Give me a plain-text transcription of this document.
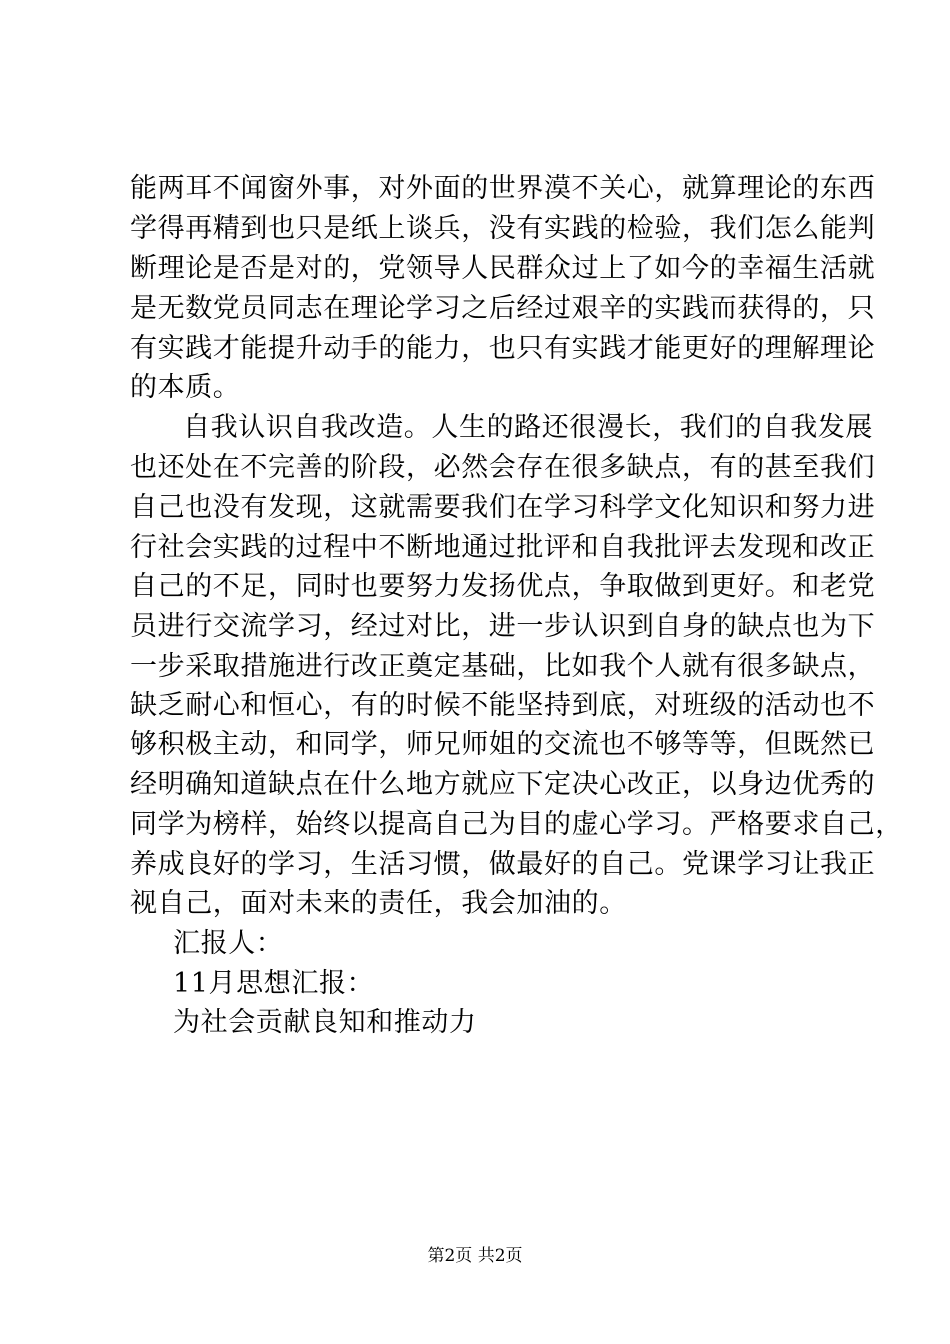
能两耳不闻窗外事，对外面的世界漠不关心，就算理论的东西
学得再精到也只是纸上谈兵，没有实践的检验，我们怎么能判
断理论是否是对的，党领导人民群众过上了如今的幸福生活就
是无数党员同志在理论学习之后经过艰辛的实践而获得的，只
有实践才能提升动手的能力，也只有实践才能更好的理解理论
的本质。
自我认识自我改造。人生的路还很漫长，我们的自我发展
也还处在不完善的阶段，必然会存在很多缺点，有的甚至我们
自己也没有发现，这就需要我们在学习科学文化知识和努力进
行社会实践的过程中不断地通过批评和自我批评去发现和改正
自己的不足，同时也要努力发扬优点，争取做到更好。和老党
员进行交流学习，经过对比，进一步认识到自身的缺点也为下
一步采取措施进行改正奠定基础，比如我个人就有很多缺点，
缺乏耐心和恒心，有的时候不能坚持到底，对班级的活动也不
够积极主动，和同学，师兄师姐的交流也不够等等，但既然已
经明确知道缺点在什么地方就应下定决心改正，以身边优秀的
同学为榜样，始终以提高自己为目的虚心学习。严格要求自己，
养成良好的学习，生活习惯，做最好的自己。党课学习让我正
视自己，面对未来的责任，我会加油的。
汇报人：
11月思想汇报：
为社会贡献良知和推动力
第2页 共2页
